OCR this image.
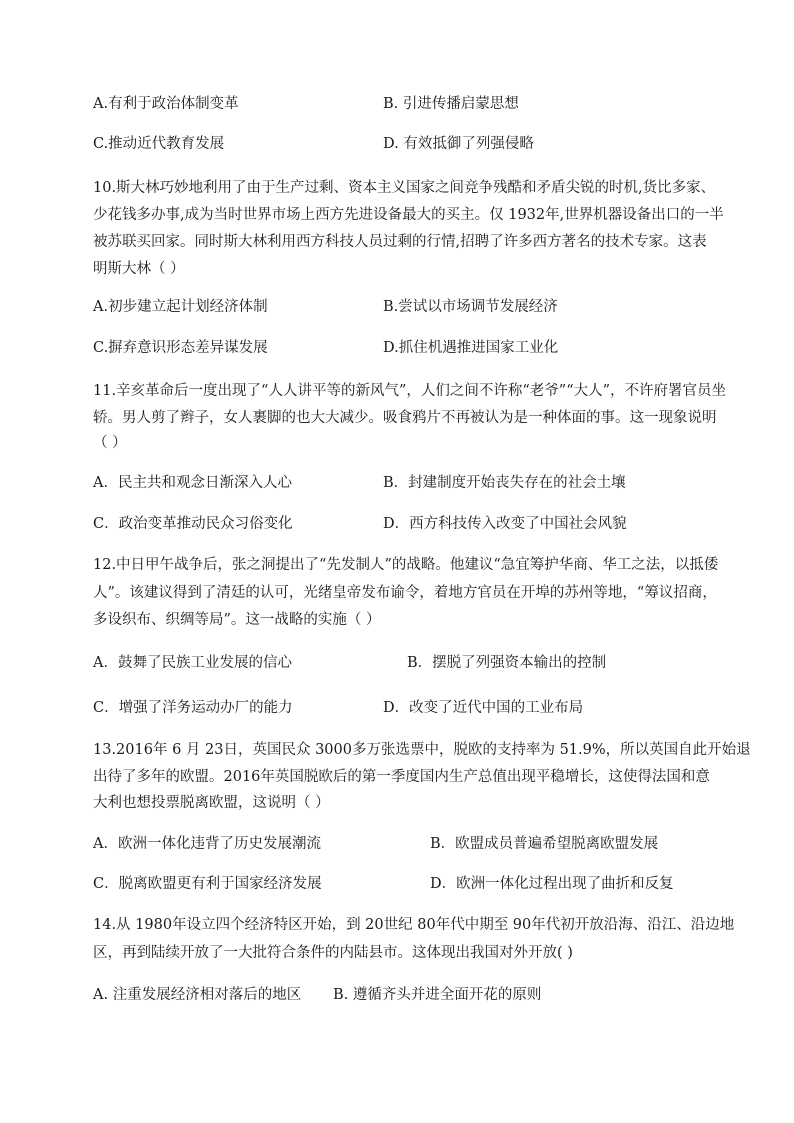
A.有利于政治体制变革	B. 引进传播启蒙思想
C.推动近代教育发展	D. 有效抵御了列强侵略
10.斯大林巧妙地利用了由于生产过剩、资本主义国家之间竞争残酷和矛盾尖锐的时机,货比多家、
少花钱多办事,成为当时世界市场上西方先进设备最大的买主。仅 1932年,世界机器设备出口的一半
被苏联买回家。同时斯大林利用西方科技人员过剩的行情,招聘了许多西方著名的技术专家。这表
明斯大林（ ）
A.初步建立起计划经济体制	B.尝试以市场调节发展经济
C.摒弃意识形态差异谋发展	D.抓住机遇推进国家工业化
11.辛亥革命后一度出现了“人人讲平等的新风气”，人们之间不许称“老爷”“大人”，不许府署官员坐
轿。男人剪了辫子，女人裹脚的也大大减少。吸食鸦片不再被认为是一种体面的事。这一现象说明
（ ）
A．民主共和观念日渐深入人心	B．封建制度开始丧失存在的社会土壤
C．政治变革推动民众习俗变化	D．西方科技传入改变了中国社会风貌
12.中日甲午战争后，张之洞提出了“先发制人”的战略。他建议“急宜筹护华商、华工之法，以抵倭
人”。该建议得到了清廷的认可，光绪皇帝发布谕令，着地方官员在开埠的苏州等地，“筹议招商，
多设织布、织绸等局”。这一战略的实施（ ）
A．鼓舞了民族工业发展的信心	B．摆脱了列强资本输出的控制
C．增强了洋务运动办厂的能力	D．改变了近代中国的工业布局
13.2016年 6 月 23日，英国民众 3000多万张选票中，脱欧的支持率为 51.9%，所以英国自此开始退
出待了多年的欧盟。2016年英国脱欧后的第一季度国内生产总值出现平稳增长，这使得法国和意
大利也想投票脱离欧盟，这说明（ ）
A．欧洲一体化违背了历史发展潮流	B．欧盟成员普遍希望脱离欧盟发展
C．脱离欧盟更有利于国家经济发展	D．欧洲一体化过程出现了曲折和反复
14.从 1980年设立四个经济特区开始，到 20世纪 80年代中期至 90年代初开放沿海、沿江、沿边地
区，再到陆续开放了一大批符合条件的内陆县市。这体现出我国对外开放( )
A. 注重发展经济相对落后的地区 B. 遵循齐头并进全面开花的原则
